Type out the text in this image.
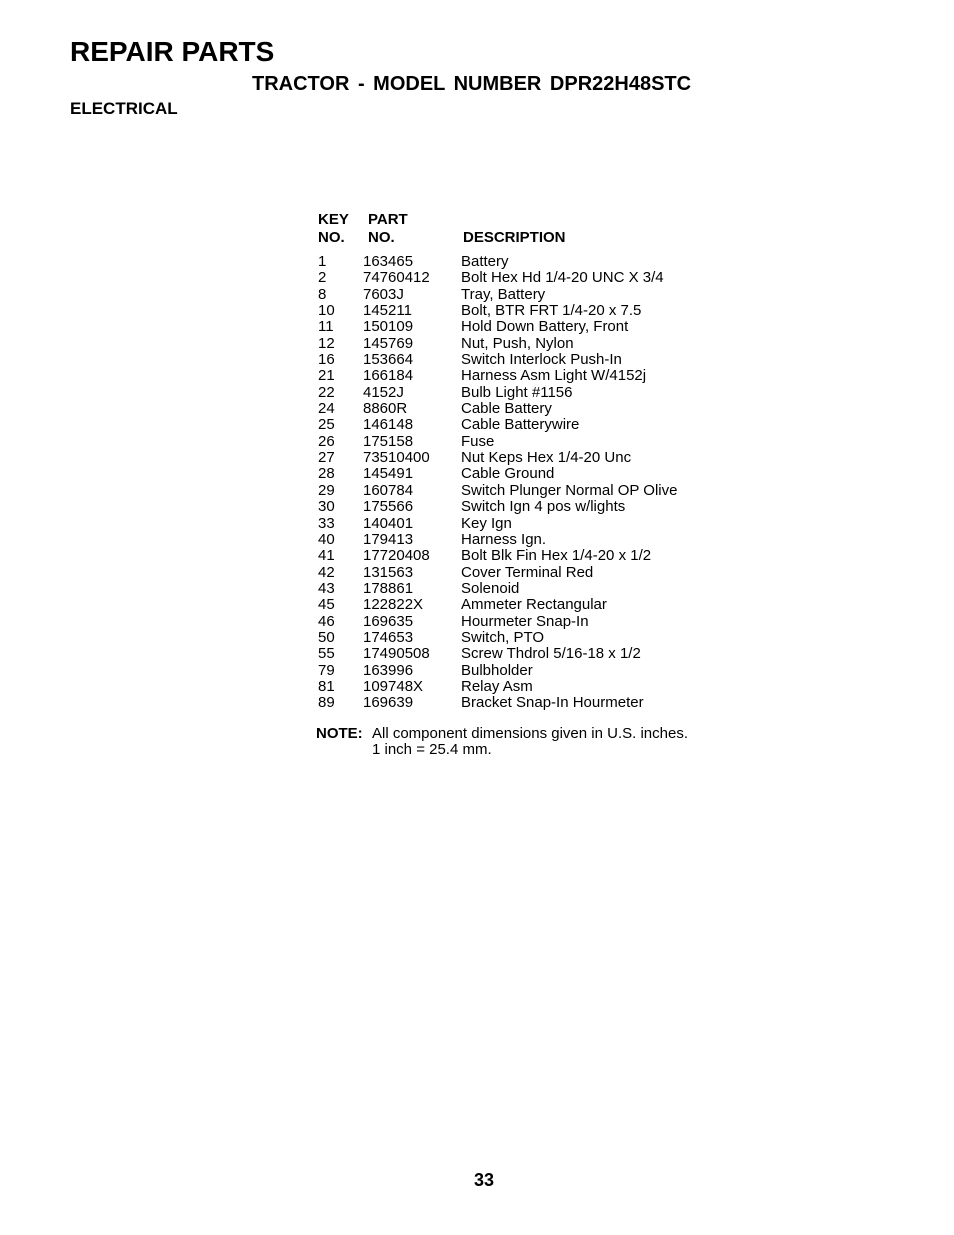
REPAIR PARTS
TRACTOR - MODEL NUMBER DPR22H48STC
ELECTRICAL
KEY
NO.
PART
NO.	DESCRIPTION
1 163465	Battery
2 74760412 Bolt Hex Hd 1/4-20 UNC X 3/4
8 7603J	Tray, Battery
10 145211	Bolt, BTR FRT 1/4-20 x 7.5
11 150109	Hold Down Battery, Front
12 145769	Nut, Push, Nylon
16 153664	Switch Interlock Push-In
21 166184	Harness Asm Light W/4152j
22 4152J	Bulb Light #1156
24 8860R	Cable Battery
25 146148	Cable Batterywire
26 175158	Fuse
27 73510400 Nut Keps Hex 1/4-20 Unc
28 145491	Cable Ground
29 160784	Switch Plunger Normal OP Olive
30 175566	Switch Ign 4 pos w/lights
33 140401	Key Ign
40 179413	Harness Ign.
41 17720408 Bolt Blk Fin Hex 1/4-20 x 1/2
42 131563	Cover Terminal Red
43 178861	Solenoid
45 122822X	Ammeter Rectangular
46 169635	Hourmeter Snap-In
50 174653	Switch, PTO
55 17490508 Screw Thdrol 5/16-18 x 1/2
79 163996	Bulbholder
81 109748X	Relay Asm
89 169639	Bracket Snap-In Hourmeter
NOTE: All component dimensions given in U.S. inches.
1 inch = 25.4 mm.
33
